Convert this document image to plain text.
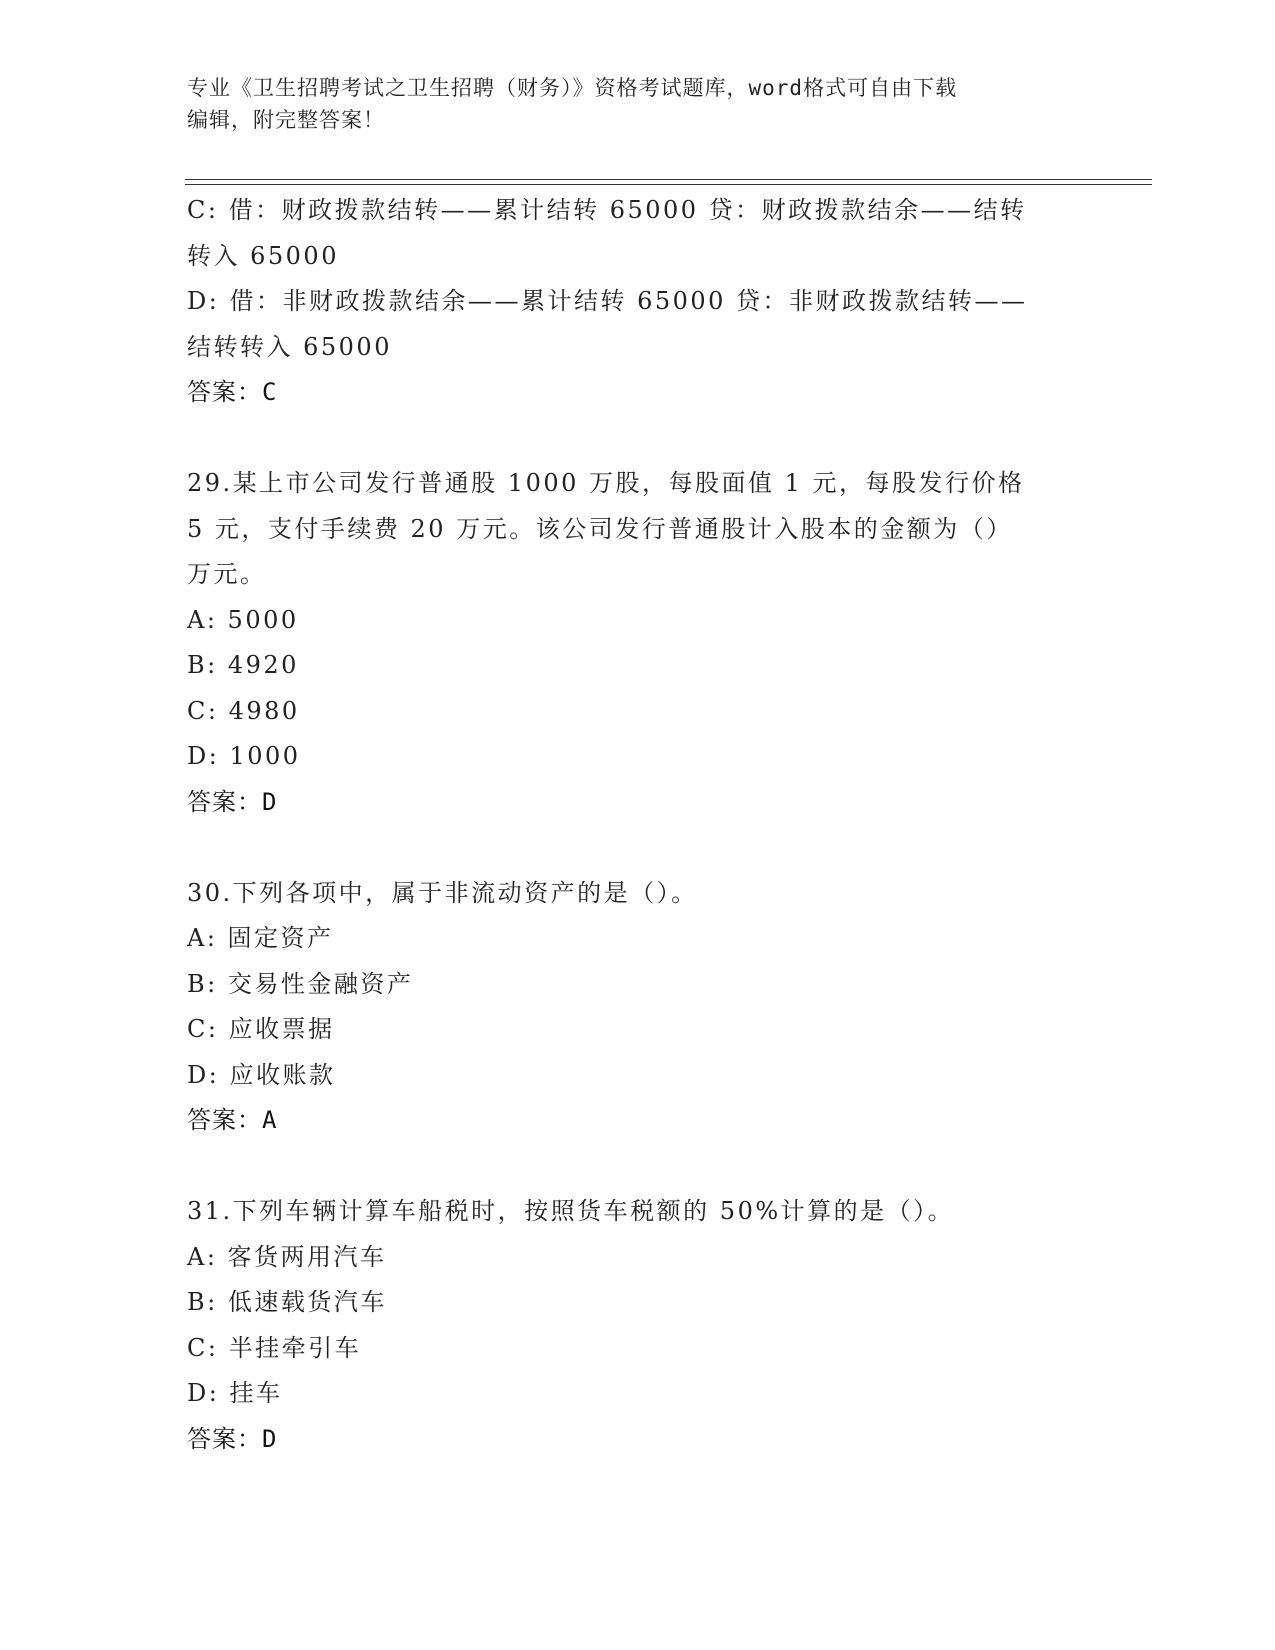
专业《卫生招聘考试之卫生招聘（财务）》资格考试题库，word格式可自由下载
编辑，附完整答案！
C: 借：财政拨款结转——累计结转 65000 贷：财政拨款结余——结转
转入 65000
D: 借：非财政拨款结余——累计结转 65000 贷：非财政拨款结转——
结转转入 65000
答案：C
29.某上市公司发行普通股 1000 万股，每股面值 1 元，每股发行价格
5 元，支付手续费 20 万元。该公司发行普通股计入股本的金额为（）
万元。
A: 5000
B: 4920
C: 4980
D: 1000
答案：D
30.下列各项中，属于非流动资产的是（）。
A: 固定资产
B: 交易性金融资产
C: 应收票据
D: 应收账款
答案：A
31.下列车辆计算车船税时，按照货车税额的 50%计算的是（）。
A: 客货两用汽车
B: 低速载货汽车
C: 半挂牵引车
D: 挂车
答案：D
